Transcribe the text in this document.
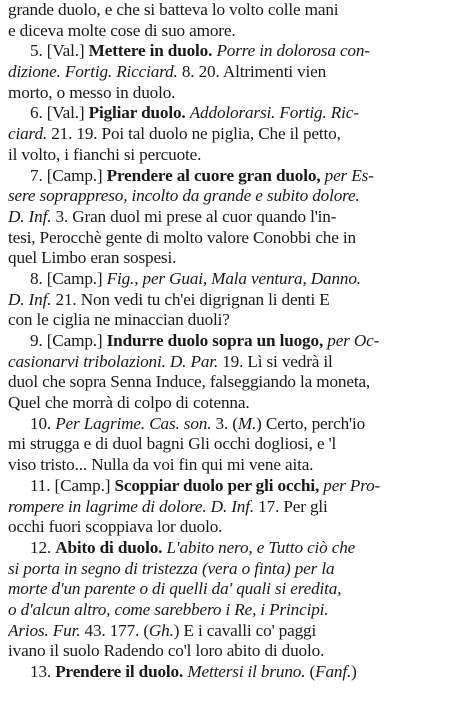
grande duolo, e che si batteva lo volto colle mani
e diceva molte cose di suo amore.
5. [Val.] Mettere in duolo. Porre in dolorosa con-
dizione. Fortig. Ricciard. 8. 20. Altrimenti vien
morto, o messo in duolo.
6. [Val.] Pigliar duolo. Addolorarsi. Fortig. Ric-
ciard. 21. 19. Poi tal duolo ne piglia, Che il petto,
il volto, i fianchi si percuote.
7. [Camp.] Prendere al cuore gran duolo, per Es-
sere soprappreso, incolto da grande e subito dolore.
D. Inf. 3. Gran duol mi prese al cuor quando l'in-
tesi, Perocchè gente di molto valore Conobbi che in
quel Limbo eran sospesi.
8. [Camp.] Fig., per Guai, Mala ventura, Danno.
D. Inf. 21. Non vedi tu ch'ei digrignan li denti E
con le ciglia ne minaccian duoli?
9. [Camp.] Indurre duolo sopra un luogo, per Oc-
casionarvi tribolazioni. D. Par. 19. Lì si vedrà il
duol che sopra Senna Induce, falseggiando la moneta,
Quel che morrà di colpo di cotenna.
10. Per Lagrime. Cas. son. 3. (M.) Certo, perch'io
mi strugga e di duol bagni Gli occhi dogliosi, e 'l
viso tristo... Nulla da voi fin qui mi vene aita.
11. [Camp.] Scoppiar duolo per gli occhi, per Pro-
rompere in lagrime di dolore. D. Inf. 17. Per gli
occhi fuori scoppiava lor duolo.
12. Abito di duolo. L'abito nero, e Tutto ciò che
si porta in segno di tristezza (vera o finta) per la
morte d'un parente o di quelli da' quali si eredita,
o d'alcun altro, come sarebbero i Re, i Principi.
Arios. Fur. 43. 177. (Gh.) E i cavalli co' paggi
ivano il suolo Radendo co'l loro abito di duolo.
13. Prendere il duolo. Mettersi il bruno. (Fanf.)
